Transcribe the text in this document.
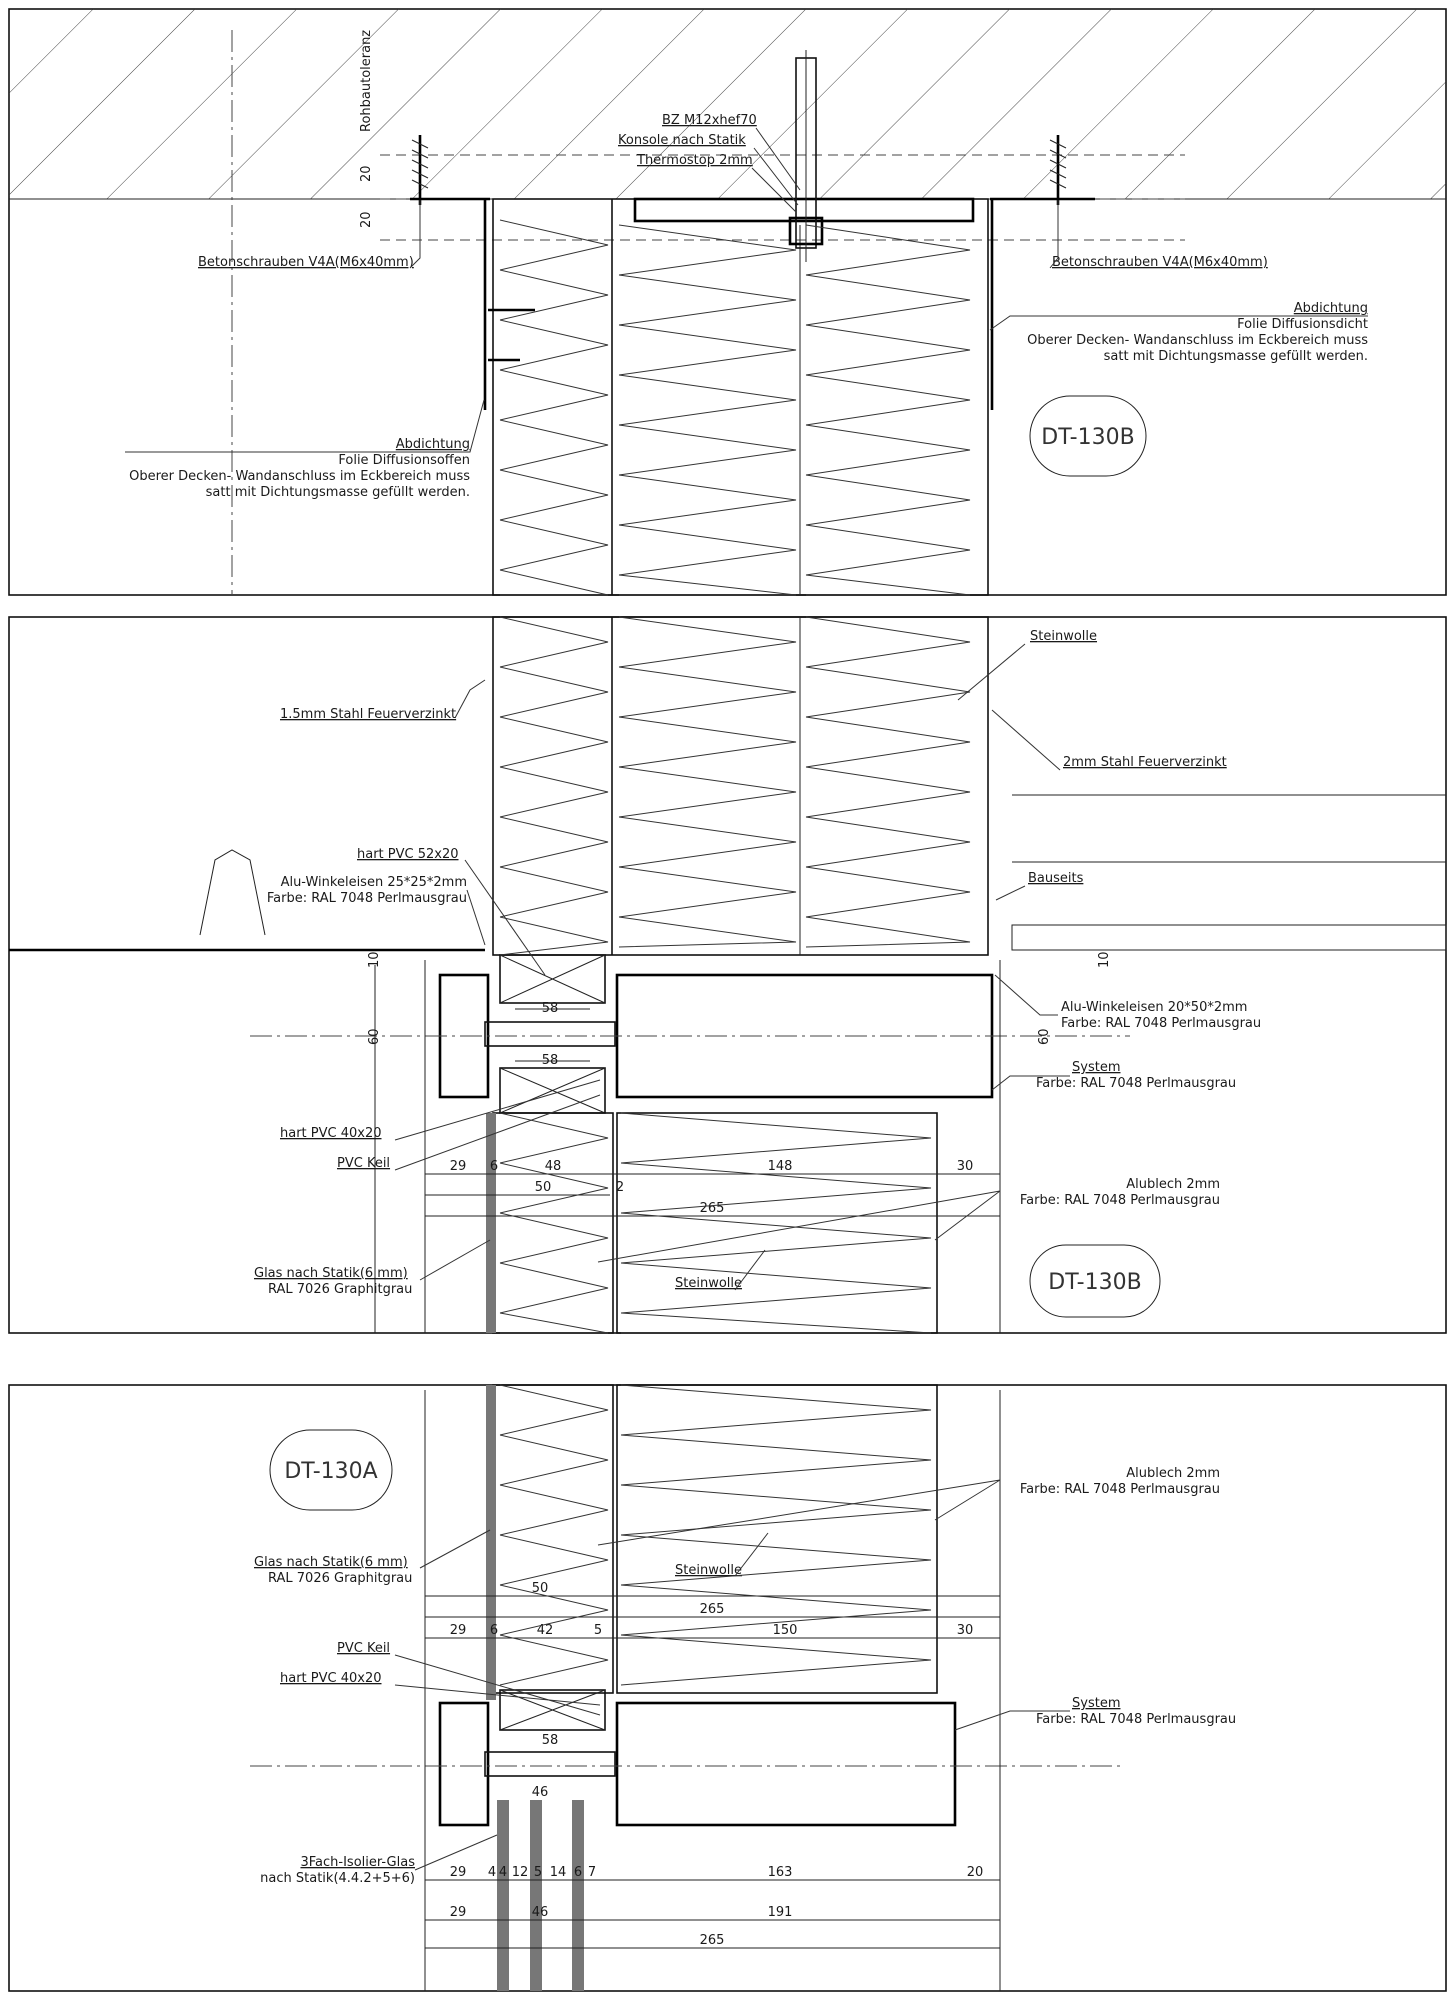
Rohbautoleranz
20
20
BZ M12xhef70
Konsole nach Statik
Thermostop 2mm
Betonschrauben V4A(M6x40mm)	Betonschrauben V4A(M6x40mm)
Abdichtung
Folie Diffusionsdicht
Oberer Decken- Wandanschluss im Eckbereich muss
satt mit Dichtungsmasse gefüllt werden.
Abdichtung
Folie Diffusionsoffen
Oberer Decken- Wandanschluss im Eckbereich muss
satt mit Dichtungsmasse gefüllt werden.
DT-130B
1.5mm Stahl Feuerverzinkt
Steinwolle
2mm Stahl Feuerverzinkt
hart PVC 52x20
Alu-Winkeleisen 25*25*2mm
Farbe: RAL 7048 Perlmausgrau
Bauseits
Alu-Winkeleisen 20*50*2mm
Farbe: RAL 7048 Perlmausgrau
System
Farbe: RAL 7048 Perlmausgrau
hart PVC 40x20
PVC Keil
Alublech 2mm
Farbe: RAL 7048 Perlmausgrau
Glas nach Statik(6 mm)
RAL 7026 Graphitgrau	Steinwolle
10	10
60	60
58
58
29 6	48	148	30
50	2
265
DT-130B
DT-130A	Alublech 2mm
Farbe: RAL 7048 Perlmausgrau
Glas nach Statik(6 mm)
RAL 7026 Graphitgrau
Steinwolle
PVC Keil
hart PVC 40x20
System
Farbe: RAL 7048 Perlmausgrau
3Fach-Isolier-Glas
nach Statik(4.4.2+5+6)
50
265
29 6	42	5	150	30
58
46
29 4 4 12 5 14 6 7	163	20
29	46	191
265
